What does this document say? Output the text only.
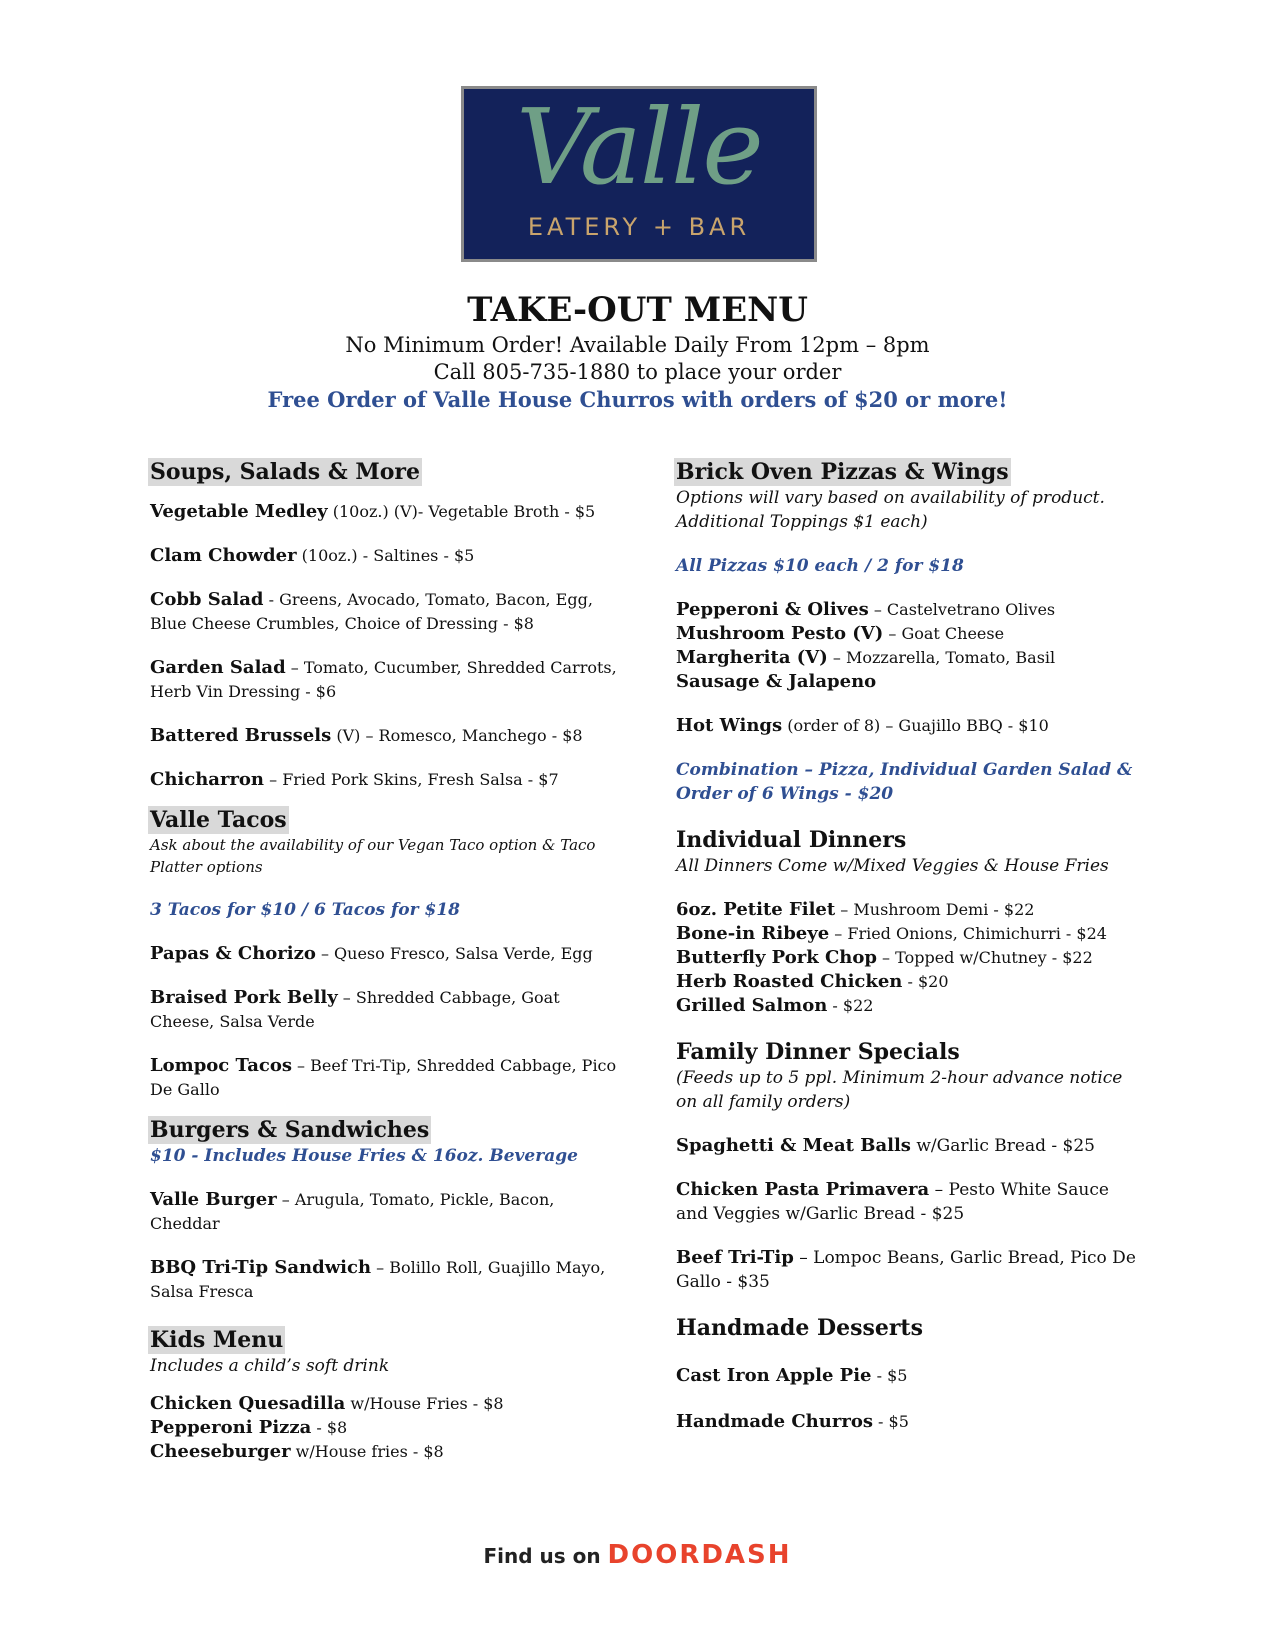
Valle
EATERY + BAR
TAKE-OUT MENU
No Minimum Order! Available Daily From 12pm – 8pm
Call 805-735-1880 to place your order
Free Order of Valle House Churros with orders of $20 or more!
Soups, Salads & More
Vegetable Medley (10oz.) (V)- Vegetable Broth - $5
Clam Chowder (10oz.) - Saltines - $5
Cobb Salad - Greens, Avocado, Tomato, Bacon, Egg, Blue Cheese Crumbles, Choice of Dressing - $8
Garden Salad – Tomato, Cucumber, Shredded Carrots, Herb Vin Dressing - $6
Battered Brussels (V) – Romesco, Manchego - $8
Chicharron – Fried Pork Skins, Fresh Salsa - $7
Valle Tacos
Ask about the availability of our Vegan Taco option & Taco Platter options
3 Tacos for $10 / 6 Tacos for $18
Papas & Chorizo – Queso Fresco, Salsa Verde, Egg
Braised Pork Belly – Shredded Cabbage, Goat Cheese, Salsa Verde
Lompoc Tacos – Beef Tri-Tip, Shredded Cabbage, Pico De Gallo
Burgers & Sandwiches
$10 - Includes House Fries & 16oz. Beverage
Valle Burger – Arugula, Tomato, Pickle, Bacon, Cheddar
BBQ Tri-Tip Sandwich – Bolillo Roll, Guajillo Mayo, Salsa Fresca
Kids Menu
Includes a child’s soft drink
Chicken Quesadilla w/House Fries - $8
Pepperoni Pizza - $8
Cheeseburger w/House fries - $8
Brick Oven Pizzas & Wings
Options will vary based on availability of product. Additional Toppings $1 each)
All Pizzas $10 each / 2 for $18
Pepperoni & Olives – Castelvetrano Olives
Mushroom Pesto (V) – Goat Cheese
Margherita (V) – Mozzarella, Tomato, Basil
Sausage & Jalapeno
Hot Wings (order of 8) – Guajillo BBQ - $10
Combination – Pizza, Individual Garden Salad & Order of 6 Wings - $20
Individual Dinners
All Dinners Come w/Mixed Veggies & House Fries
6oz. Petite Filet – Mushroom Demi - $22
Bone-in Ribeye – Fried Onions, Chimichurri - $24
Butterfly Pork Chop – Topped w/Chutney - $22
Herb Roasted Chicken - $20
Grilled Salmon - $22
Family Dinner Specials
(Feeds up to 5 ppl. Minimum 2-hour advance notice on all family orders)
Spaghetti & Meat Balls w/Garlic Bread - $25
Chicken Pasta Primavera – Pesto White Sauce and Veggies w/Garlic Bread - $25
Beef Tri-Tip – Lompoc Beans, Garlic Bread, Pico De Gallo - $35
Handmade Desserts
Cast Iron Apple Pie - $5
Handmade Churros - $5
Find us on DOORDASH
